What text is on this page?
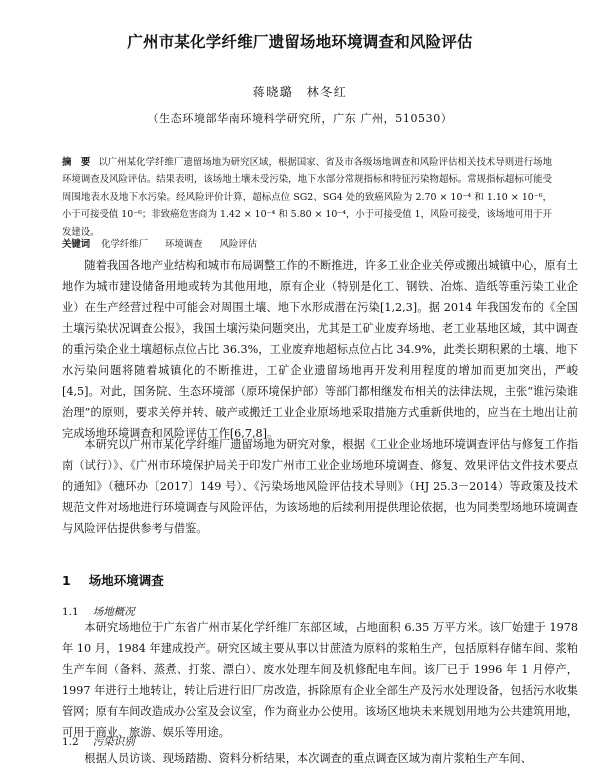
广州市某化学纤维厂遗留场地环境调查和风险评估
蒋晓璐　林冬红
（生态环境部华南环境科学研究所，广东 广州，510530）
摘　要 以广州某化学纤维厂遗留场地为研究区域，根据国家、省及市各级场地调查和风险评估相关技术导则进行场地环境调查及风险评估。结果表明，该场地土壤未受污染，地下水部分常规指标和特征污染物超标。常规指标超标可能受周围地表水及地下水污染。经风险评价计算，超标点位 SG2、SG4 处的致癌风险为 2.70 × 10⁻⁴ 和 1.10 × 10⁻⁶，小于可接受值 10⁻⁶；非致癌危害商为 1.42 × 10⁻⁴ 和 5.80 × 10⁻⁴，小于可接受值 1，风险可接受，该场地可用于开发建设。
关键词 化学纤维厂 环境调查 风险评估
随着我国各地产业结构和城市布局调整工作的不断推进，许多工业企业关停或搬出城镇中心，原有土地作为城市建设储备用地或转为其他用地，原有企业（特别是化工、钢铁、冶炼、造纸等重污染工业企业）在生产经营过程中可能会对周围土壤、地下水形成潜在污染[1,2,3]。据 2014 年我国发布的《全国土壤污染状况调查公报》，我国土壤污染问题突出，尤其是工矿业废弃场地、老工业基地区域，其中调查的重污染企业土壤超标点位占比 36.3%，工业废弃地超标点位占比 34.9%，此类长期积累的土壤、地下水污染问题将随着城镇化的不断推进，工矿企业遗留场地再开发利用程度的增加而更加突出，严峻[4,5]。对此，国务院、生态环境部（原环境保护部）等部门都相继发布相关的法律法规，主张“谁污染谁治理”的原则，要求关停并转、破产或搬迁工业企业原场地采取措施方式重新供地的，应当在土地出让前完成场地环境调查和风险评估工作[6,7,8]。
本研究以广州市某化学纤维厂遗留场地为研究对象，根据《工业企业场地环境调查评估与修复工作指南（试行）》、《广州市环境保护局关于印发广州市工业企业场地环境调查、修复、效果评估文件技术要点的通知》（穗环办〔2017〕149 号）、《污染场地风险评估技术导则》（HJ 25.3－2014）等政策及技术规范文件对场地进行环境调查与风险评估，为该场地的后续利用提供理论依据，也为同类型场地环境调查与风险评估提供参考与借鉴。
1 场地环境调查
1.1 场地概况
本研究场地位于广东省广州市某化学纤维厂东部区域，占地面积 6.35 万平方米。该厂始建于 1978 年 10 月，1984 年建成投产。研究区域主要从事以甘蔗渣为原料的浆粕生产，包括原料存储车间、浆粕生产车间（备料、蒸煮、打浆、漂白）、废水处理车间及机修配电车间。该厂已于 1996 年 1 月停产，1997 年进行土地转让，转让后进行旧厂房改造，拆除原有企业全部生产及污水处理设备，包括污水收集管网；原有车间改造成办公室及会议室，作为商业办公使用。该场区地块未来规划用地为公共建筑用地，可用于商业、旅游、娱乐等用途。
1.2 污染识别
根据人员访谈、现场踏勘、资料分析结果，本次调查的重点调查区域为南片浆粕生产车间、
